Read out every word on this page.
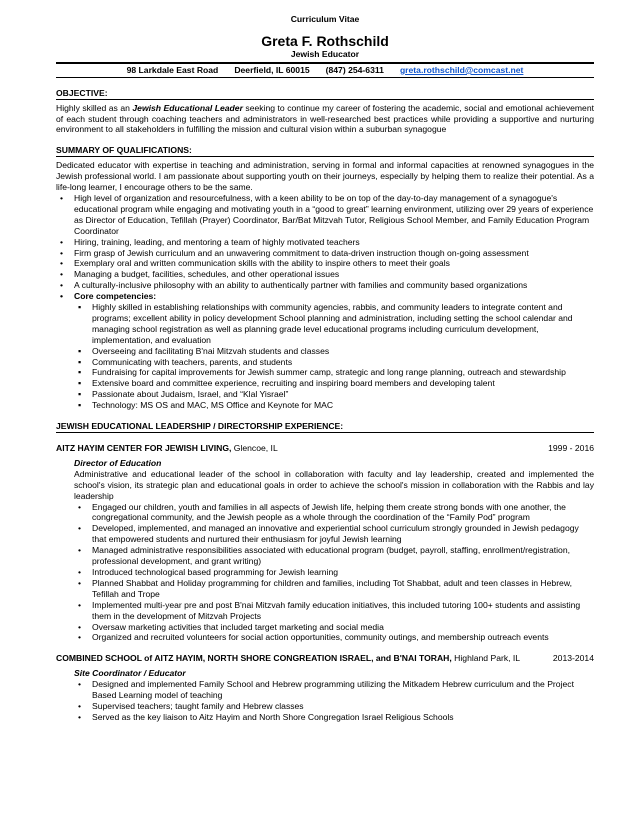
Curriculum Vitae
Greta F. Rothschild
Jewish Educator
98 Larkdale East Road Deerfield, IL 60015 (847) 254-6311 greta.rothschild@comcast.net
OBJECTIVE:
Highly skilled as an Jewish Educational Leader seeking to continue my career of fostering the academic, social and emotional achievement of each student through coaching teachers and administrators in well-researched best practices while providing a supportive and nurturing environment to all stakeholders in fulfilling the mission and cultural vision within a suburban synagogue
SUMMARY OF QUALIFICATIONS:
Dedicated educator with expertise in teaching and administration, serving in formal and informal capacities at renowned synagogues in the Jewish professional world. I am passionate about supporting youth on their journeys, especially by helping them to realize their potential. As a life-long learner, I encourage others to be the same.
• High level of organization and resourcefulness, with a keen ability to be on top of the day-to-day management of a synagogue's educational program while engaging and motivating youth in a “good to great” learning environment, utilizing over 29 years of experience as Director of Education, Tefillah (Prayer) Coordinator, Bar/Bat Mitzvah Tutor, Religious School Member, and Family Education Program Coordinator
• Hiring, training, leading, and mentoring a team of highly motivated teachers
• Firm grasp of Jewish curriculum and an unwavering commitment to data-driven instruction though on-going assessment
• Exemplary oral and written communication skills with the ability to inspire others to meet their goals
• Managing a budget, facilities, schedules, and other operational issues
• A culturally-inclusive philosophy with an ability to authentically partner with families and community based organizations
• Core competencies:
▪ Highly skilled in establishing relationships with community agencies, rabbis, and community leaders to integrate content and programs; excellent ability in policy development School planning and administration, including setting the school calendar and managing school registration as well as planning grade level educational programs including curriculum development, implementation, and evaluation
▪ Overseeing and facilitating B'nai Mitzvah students and classes
▪ Communicating with teachers, parents, and students
▪ Fundraising for capital improvements for Jewish summer camp, strategic and long range planning, outreach and stewardship
▪ Extensive board and committee experience, recruiting and inspiring board members and developing talent
▪ Passionate about Judaism, Israel, and “Klal Yisrael”
▪ Technology: MS OS and MAC, MS Office and Keynote for MAC
JEWISH EDUCATIONAL LEADERSHIP / DIRECTORSHIP EXPERIENCE:
AITZ HAYIM CENTER FOR JEWISH LIVING, Glencoe, IL	1999 - 2016
Director of Education
Administrative and educational leader of the school in collaboration with faculty and lay leadership, created and implemented the school's vision, its strategic plan and educational goals in order to achieve the school's mission in collaboration with the Rabbis and lay leadership
• Engaged our children, youth and families in all aspects of Jewish life, helping them create strong bonds with one another, the congregational community, and the Jewish people as a whole through the coordination of the “Family Pod” program
• Developed, implemented, and managed an innovative and experiential school curriculum strongly grounded in Jewish pedagogy that empowered students and nurtured their enthusiasm for joyful Jewish learning
• Managed administrative responsibilities associated with educational program (budget, payroll, staffing, enrollment/registration, professional development, and grant writing)
• Introduced technological based programming for Jewish learning
• Planned Shabbat and Holiday programming for children and families, including Tot Shabbat, adult and teen classes in Hebrew, Tefillah and Trope
• Implemented multi-year pre and post B'nai Mitzvah family education initiatives, this included tutoring 100+ students and assisting them in the development of Mitzvah Projects
• Oversaw marketing activities that included target marketing and social media
• Organized and recruited volunteers for social action opportunities, community outings, and membership outreach events
COMBINED SCHOOL of AITZ HAYIM, NORTH SHORE CONGREATION ISRAEL, and B'NAI TORAH, Highland Park, IL	2013-2014
Site Coordinator / Educator
• Designed and implemented Family School and Hebrew programming utilizing the Mitkadem Hebrew curriculum and the Project Based Learning model of teaching
• Supervised teachers; taught family and Hebrew classes
• Served as the key liaison to Aitz Hayim and North Shore Congregation Israel Religious Schools
